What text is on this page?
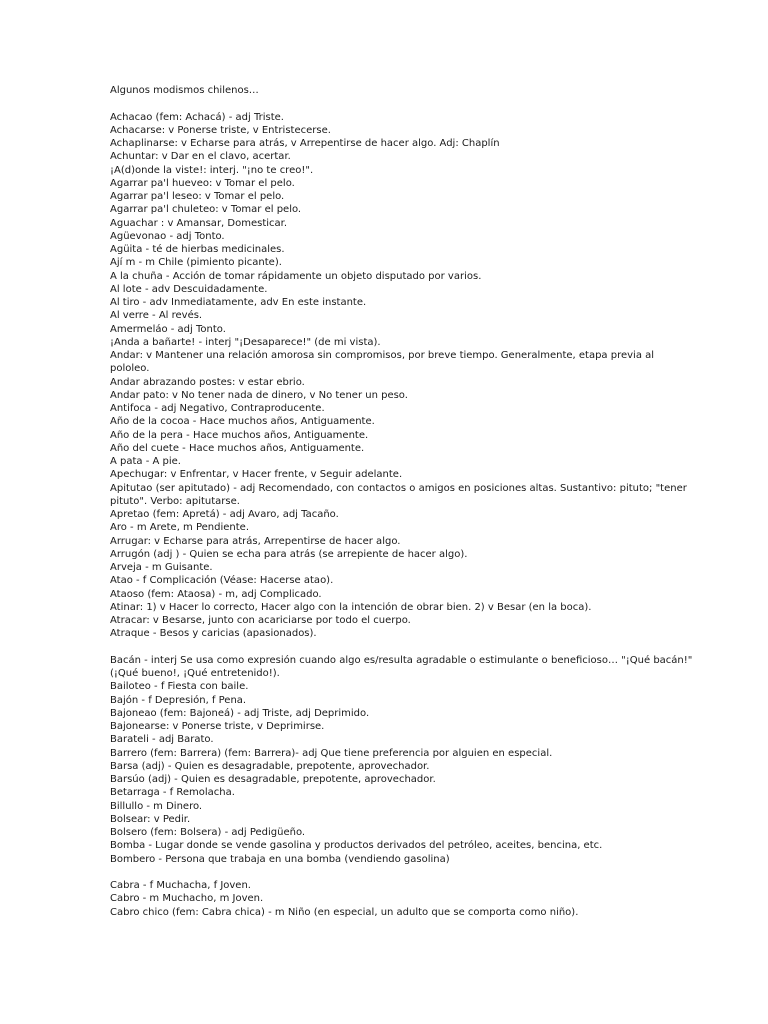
Algunos modismos chilenos…

Achacao (fem: Achacá) - adj Triste.
Achacarse: v Ponerse triste, v Entristecerse.
Achaplinarse: v Echarse para atrás, v Arrepentirse de hacer algo. Adj: Chaplín
Achuntar: v Dar en el clavo, acertar.
¡A(d)onde la viste!: interj. "¡no te creo!".
Agarrar pa'l hueveo: v Tomar el pelo.
Agarrar pa'l leseo: v Tomar el pelo.
Agarrar pa'l chuleteo: v Tomar el pelo.
Aguachar : v Amansar, Domesticar.
Agüevonao - adj Tonto.
Agüita - té de hierbas medicinales.
Ají m - m Chile (pimiento picante).
A la chuña - Acción de tomar rápidamente un objeto disputado por varios.
Al lote - adv Descuidadamente.
Al tiro - adv Inmediatamente, adv En este instante.
Al verre - Al revés.
Amermeláo - adj Tonto.
¡Anda a bañarte! - interj "¡Desaparece!" (de mi vista).
Andar: v Mantener una relación amorosa sin compromisos, por breve tiempo. Generalmente, etapa previa al
pololeo.
Andar abrazando postes: v estar ebrio.
Andar pato: v No tener nada de dinero, v No tener un peso.
Antifoca - adj Negativo, Contraproducente.
Año de la cocoa - Hace muchos años, Antiguamente.
Año de la pera - Hace muchos años, Antiguamente.
Año del cuete - Hace muchos años, Antiguamente.
A pata - A pie.
Apechugar: v Enfrentar, v Hacer frente, v Seguir adelante.
Apitutao (ser apitutado) - adj Recomendado, con contactos o amigos en posiciones altas. Sustantivo: pituto; "tener
pituto". Verbo: apitutarse.
Apretao (fem: Apretá) - adj Avaro, adj Tacaño.
Aro - m Arete, m Pendiente.
Arrugar: v Echarse para atrás, Arrepentirse de hacer algo.
Arrugón (adj ) - Quien se echa para atrás (se arrepiente de hacer algo).
Arveja - m Guisante.
Atao - f Complicación (Véase: Hacerse atao).
Ataoso (fem: Ataosa) - m, adj Complicado.
Atinar: 1) v Hacer lo correcto, Hacer algo con la intención de obrar bien. 2) v Besar (en la boca).
Atracar: v Besarse, junto con acariciarse por todo el cuerpo.
Atraque - Besos y caricias (apasionados).
Bacán - interj Se usa como expresión cuando algo es/resulta agradable o estimulante o beneficioso… "¡Qué bacán!"
(¡Qué bueno!, ¡Qué entretenido!).
Bailoteo - f Fiesta con baile.
Bajón - f Depresión, f Pena.
Bajoneao (fem: Bajoneá) - adj Triste, adj Deprimido.
Bajonearse: v Ponerse triste, v Deprimirse.
Barateli - adj Barato.
Barrero (fem: Barrera) (fem: Barrera)- adj Que tiene preferencia por alguien en especial.
Barsa (adj) - Quien es desagradable, prepotente, aprovechador.
Barsúo (adj) - Quien es desagradable, prepotente, aprovechador.
Betarraga - f Remolacha.
Billullo - m Dinero.
Bolsear: v Pedir.
Bolsero (fem: Bolsera) - adj Pedigüeño.
Bomba - Lugar donde se vende gasolina y productos derivados del petróleo, aceites, bencina, etc.
Bombero - Persona que trabaja en una bomba (vendiendo gasolina)
Cabra - f Muchacha, f Joven.
Cabro - m Muchacho, m Joven.
Cabro chico (fem: Cabra chica) - m Niño (en especial, un adulto que se comporta como niño).
